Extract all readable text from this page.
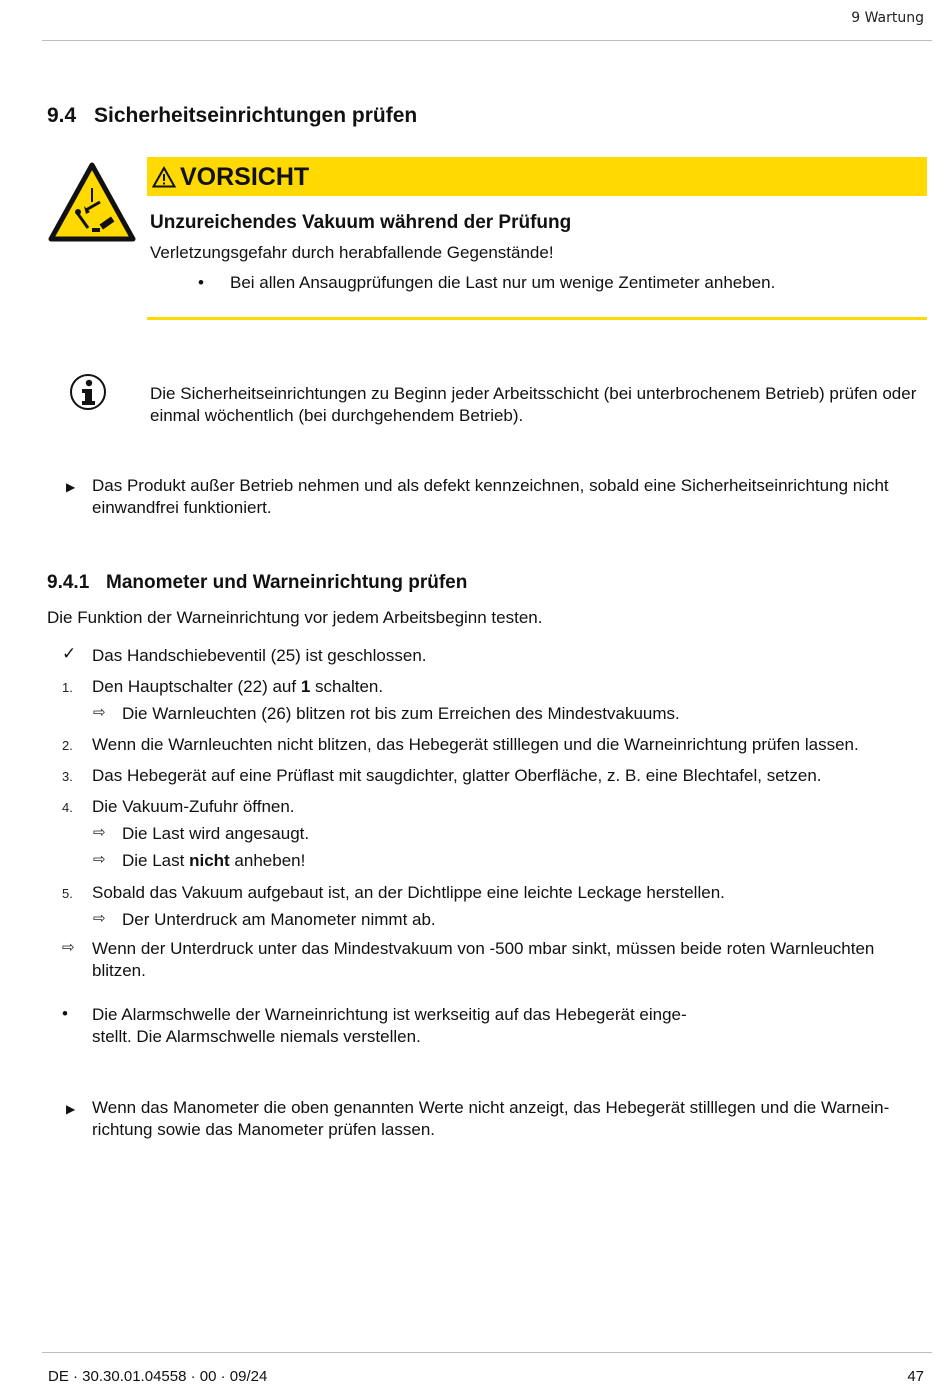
9 Wartung
9.4 Sicherheitseinrichtungen prüfen
VORSICHT
Unzureichendes Vakuum während der Prüfung
Verletzungsgefahr durch herabfallende Gegenstände!
• Bei allen Ansaugprüfungen die Last nur um wenige Zentimeter anheben.
Die Sicherheitseinrichtungen zu Beginn jeder Arbeitsschicht (bei unterbrochenem Betrieb) prüfen oder einmal wöchentlich (bei durchgehendem Betrieb).
▶ Das Produkt außer Betrieb nehmen und als defekt kennzeichnen, sobald eine Sicherheitseinrichtung nicht einwandfrei funktioniert.
9.4.1 Manometer und Warneinrichtung prüfen
Die Funktion der Warneinrichtung vor jedem Arbeitsbeginn testen.
✓ Das Handschiebeventil (25) ist geschlossen.
1. Den Hauptschalter (22) auf 1 schalten.
⇨ Die Warnleuchten (26) blitzen rot bis zum Erreichen des Mindestvakuums.
2. Wenn die Warnleuchten nicht blitzen, das Hebegerät stilllegen und die Warneinrichtung prüfen lassen.
3. Das Hebegerät auf eine Prüflast mit saugdichter, glatter Oberfläche, z. B. eine Blechtafel, setzen.
4. Die Vakuum-Zufuhr öffnen.
⇨ Die Last wird angesaugt.
⇨ Die Last nicht anheben!
5. Sobald das Vakuum aufgebaut ist, an der Dichtlippe eine leichte Leckage herstellen.
⇨ Der Unterdruck am Manometer nimmt ab.
⇨ Wenn der Unterdruck unter das Mindestvakuum von -500 mbar sinkt, müssen beide roten Warnleuchten blitzen.
• Die Alarmschwelle der Warneinrichtung ist werkseitig auf das Hebegerät einge-
stellt. Die Alarmschwelle niemals verstellen.
▶ Wenn das Manometer die oben genannten Werte nicht anzeigt, das Hebegerät stilllegen und die Warnein-richtung sowie das Manometer prüfen lassen.
DE · 30.30.01.04558 · 00 · 09/24	47
